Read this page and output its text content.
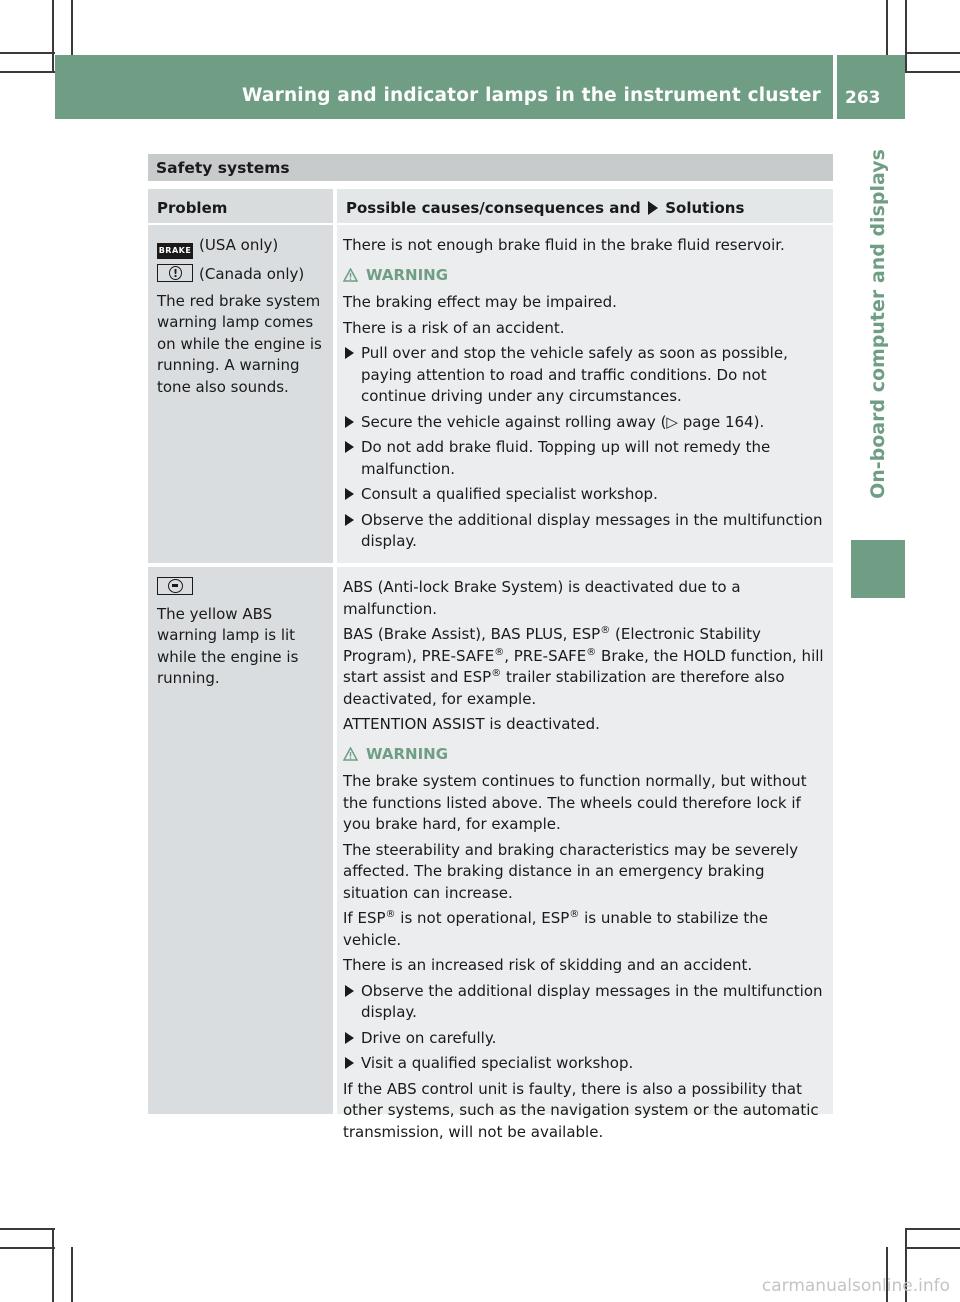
Warning and indicator lamps in the instrument cluster 263
On-board computer and displays
Safety systems
Problem	Possible causes/consequences and Solutions
BRAKE (USA only)
!(Canada only)
The red brake system warning lamp comes on while the engine is running. A warning tone also sounds.
There is not enough brake fluid in the brake fluid reservoir.
WARNING
The braking effect may be impaired.
There is a risk of an accident.
Pull over and stop the vehicle safely as soon as possible, paying attention to road and traffic conditions. Do not continue driving under any circumstances.
Secure the vehicle against rolling away (▷ page 164).
Do not add brake fluid. Topping up will not remedy the malfunction.
Consult a qualified specialist workshop.
Observe the additional display messages in the multifunction display.
The yellow ABS warning lamp is lit while the engine is running.
ABS (Anti-lock Brake System) is deactivated due to a malfunction.
BAS (Brake Assist), BAS PLUS, ESP® (Electronic Stability Program), PRE-SAFE®, PRE-SAFE® Brake, the HOLD function, hill start assist and ESP® trailer stabilization are therefore also deactivated, for example.
ATTENTION ASSIST is deactivated.
WARNING
The brake system continues to function normally, but without the functions listed above. The wheels could therefore lock if you brake hard, for example.
The steerability and braking characteristics may be severely affected. The braking distance in an emergency braking situation can increase.
If ESP® is not operational, ESP® is unable to stabilize the vehicle.
There is an increased risk of skidding and an accident.
Observe the additional display messages in the multifunction display.
Drive on carefully.
Visit a qualified specialist workshop.
If the ABS control unit is faulty, there is also a possibility that other systems, such as the navigation system or the automatic transmission, will not be available.
carmanualsonline.info
